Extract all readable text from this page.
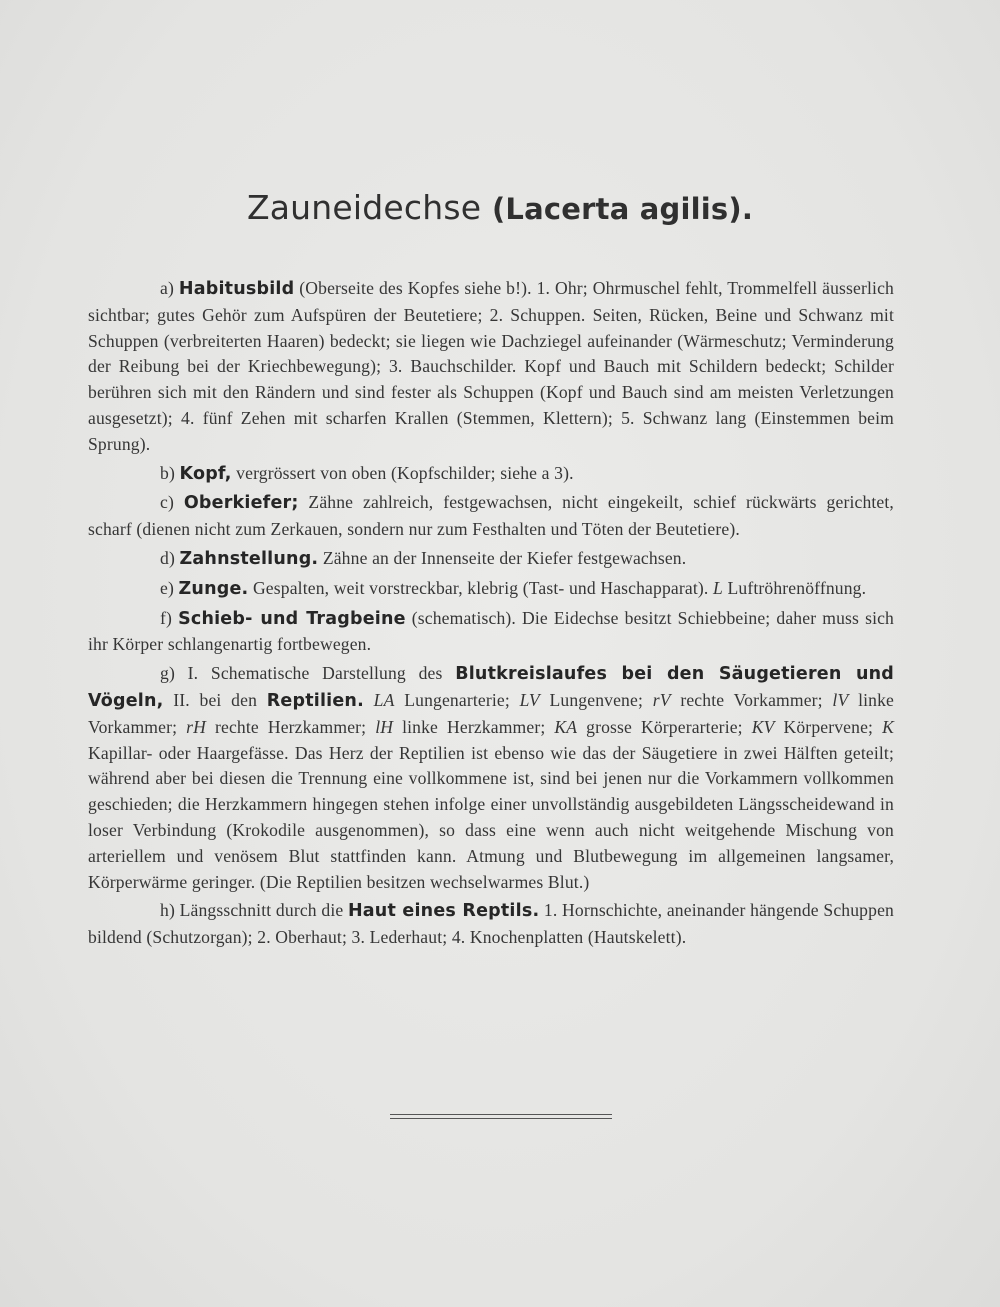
Zauneidechse (Lacerta agilis).

a) Habitusbild (Oberseite des Kopfes siehe b!). 1. Ohr; Ohrmuschel fehlt, Trommelfell äusserlich sichtbar; gutes Gehör zum Aufspüren der Beutetiere; 2. Schuppen. Seiten, Rücken, Beine und Schwanz mit Schuppen (verbreiterten Haaren) bedeckt; sie liegen wie Dachziegel aufeinander (Wärmeschutz; Verminderung der Reibung bei der Kriechbewegung); 3. Bauchschilder. Kopf und Bauch mit Schildern bedeckt; Schilder berühren sich mit den Rändern und sind fester als Schuppen (Kopf und Bauch sind am meisten Verletzungen ausgesetzt); 4. fünf Zehen mit scharfen Krallen (Stemmen, Klettern); 5. Schwanz lang (Einstemmen beim Sprung).

b) Kopf, vergrössert von oben (Kopfschilder; siehe a 3).

c) Oberkiefer; Zähne zahlreich, festgewachsen, nicht eingekeilt, schief rückwärts gerichtet, scharf (dienen nicht zum Zerkauen, sondern nur zum Festhalten und Töten der Beutetiere).

d) Zahnstellung. Zähne an der Innenseite der Kiefer festgewachsen.

e) Zunge. Gespalten, weit vorstreckbar, klebrig (Tast- und Haschapparat). L Luftröhrenöffnung.

f) Schieb- und Tragbeine (schematisch). Die Eidechse besitzt Schiebbeine; daher muss sich ihr Körper schlangenartig fortbewegen.

g) I. Schematische Darstellung des Blutkreislaufes bei den Säugetieren und Vögeln, II. bei den Reptilien. LA Lungenarterie; LV Lungenvene; rV rechte Vorkammer; lV linke Vorkammer; rH rechte Herzkammer; lH linke Herzkammer; KA grosse Körperarterie; KV Körpervene; K Kapillar- oder Haargefässe. Das Herz der Reptilien ist ebenso wie das der Säugetiere in zwei Hälften geteilt; während aber bei diesen die Trennung eine vollkommene ist, sind bei jenen nur die Vorkammern vollkommen geschieden; die Herzkammern hingegen stehen infolge einer unvollständig ausgebildeten Längsscheidewand in loser Verbindung (Krokodile ausgenommen), so dass eine wenn auch nicht weitgehende Mischung von arteriellem und venösem Blut stattfinden kann. Atmung und Blutbewegung im allgemeinen langsamer, Körperwärme geringer. (Die Reptilien besitzen wechselwarmes Blut.)

h) Längsschnitt durch die Haut eines Reptils. 1. Hornschichte, aneinander hängende Schuppen bildend (Schutzorgan); 2. Oberhaut; 3. Lederhaut; 4. Knochenplatten (Hautskelett).
